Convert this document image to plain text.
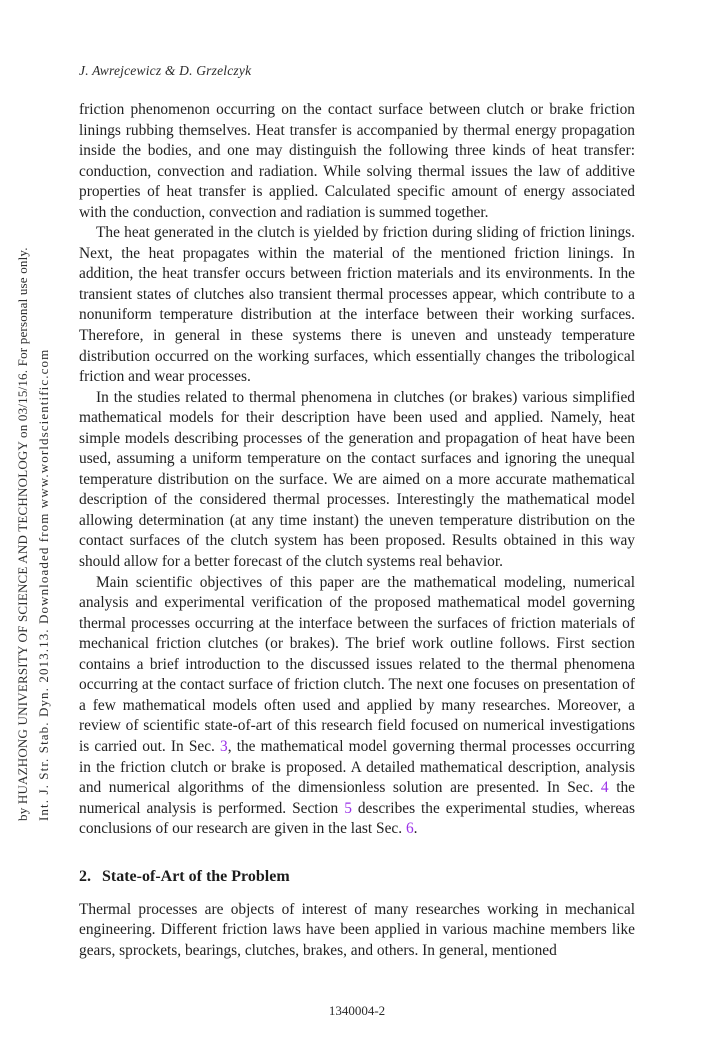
Int. J. Str. Stab. Dyn. 2013.13. Downloaded from www.worldscientific.com
by HUAZHONG UNIVERSITY OF SCIENCE AND TECHNOLOGY on 03/15/16. For personal use only.
J. Awrejcewicz & D. Grzelczyk

friction phenomenon occurring on the contact surface between clutch or brake friction linings rubbing themselves. Heat transfer is accompanied by thermal energy propagation inside the bodies, and one may distinguish the following three kinds of heat transfer: conduction, convection and radiation. While solving thermal issues the law of additive properties of heat transfer is applied. Calculated specific amount of energy associated with the conduction, convection and radiation is summed together.

The heat generated in the clutch is yielded by friction during sliding of friction linings. Next, the heat propagates within the material of the mentioned friction linings. In addition, the heat transfer occurs between friction materials and its environments. In the transient states of clutches also transient thermal processes appear, which contribute to a nonuniform temperature distribution at the interface between their working surfaces. Therefore, in general in these systems there is uneven and unsteady temperature distribution occurred on the working surfaces, which essentially changes the tribological friction and wear processes.

In the studies related to thermal phenomena in clutches (or brakes) various simplified mathematical models for their description have been used and applied. Namely, heat simple models describing processes of the generation and propagation of heat have been used, assuming a uniform temperature on the contact surfaces and ignoring the unequal temperature distribution on the surface. We are aimed on a more accurate mathematical description of the considered thermal processes. Interestingly the mathematical model allowing determination (at any time instant) the uneven temperature distribution on the contact surfaces of the clutch system has been proposed. Results obtained in this way should allow for a better forecast of the clutch systems real behavior.

Main scientific objectives of this paper are the mathematical modeling, numerical analysis and experimental verification of the proposed mathematical model governing thermal processes occurring at the interface between the surfaces of friction materials of mechanical friction clutches (or brakes). The brief work outline follows. First section contains a brief introduction to the discussed issues related to the thermal phenomena occurring at the contact surface of friction clutch. The next one focuses on presentation of a few mathematical models often used and applied by many researches. Moreover, a review of scientific state-of-art of this research field focused on numerical investigations is carried out. In Sec. 3, the mathematical model governing thermal processes occurring in the friction clutch or brake is proposed. A detailed mathematical description, analysis and numerical algorithms of the dimensionless solution are presented. In Sec. 4 the numerical analysis is performed. Section 5 describes the experimental studies, whereas conclusions of our research are given in the last Sec. 6.

2. State-of-Art of the Problem

Thermal processes are objects of interest of many researches working in mechanical engineering. Different friction laws have been applied in various machine members like gears, sprockets, bearings, clutches, brakes, and others. In general, mentioned

1340004-2
